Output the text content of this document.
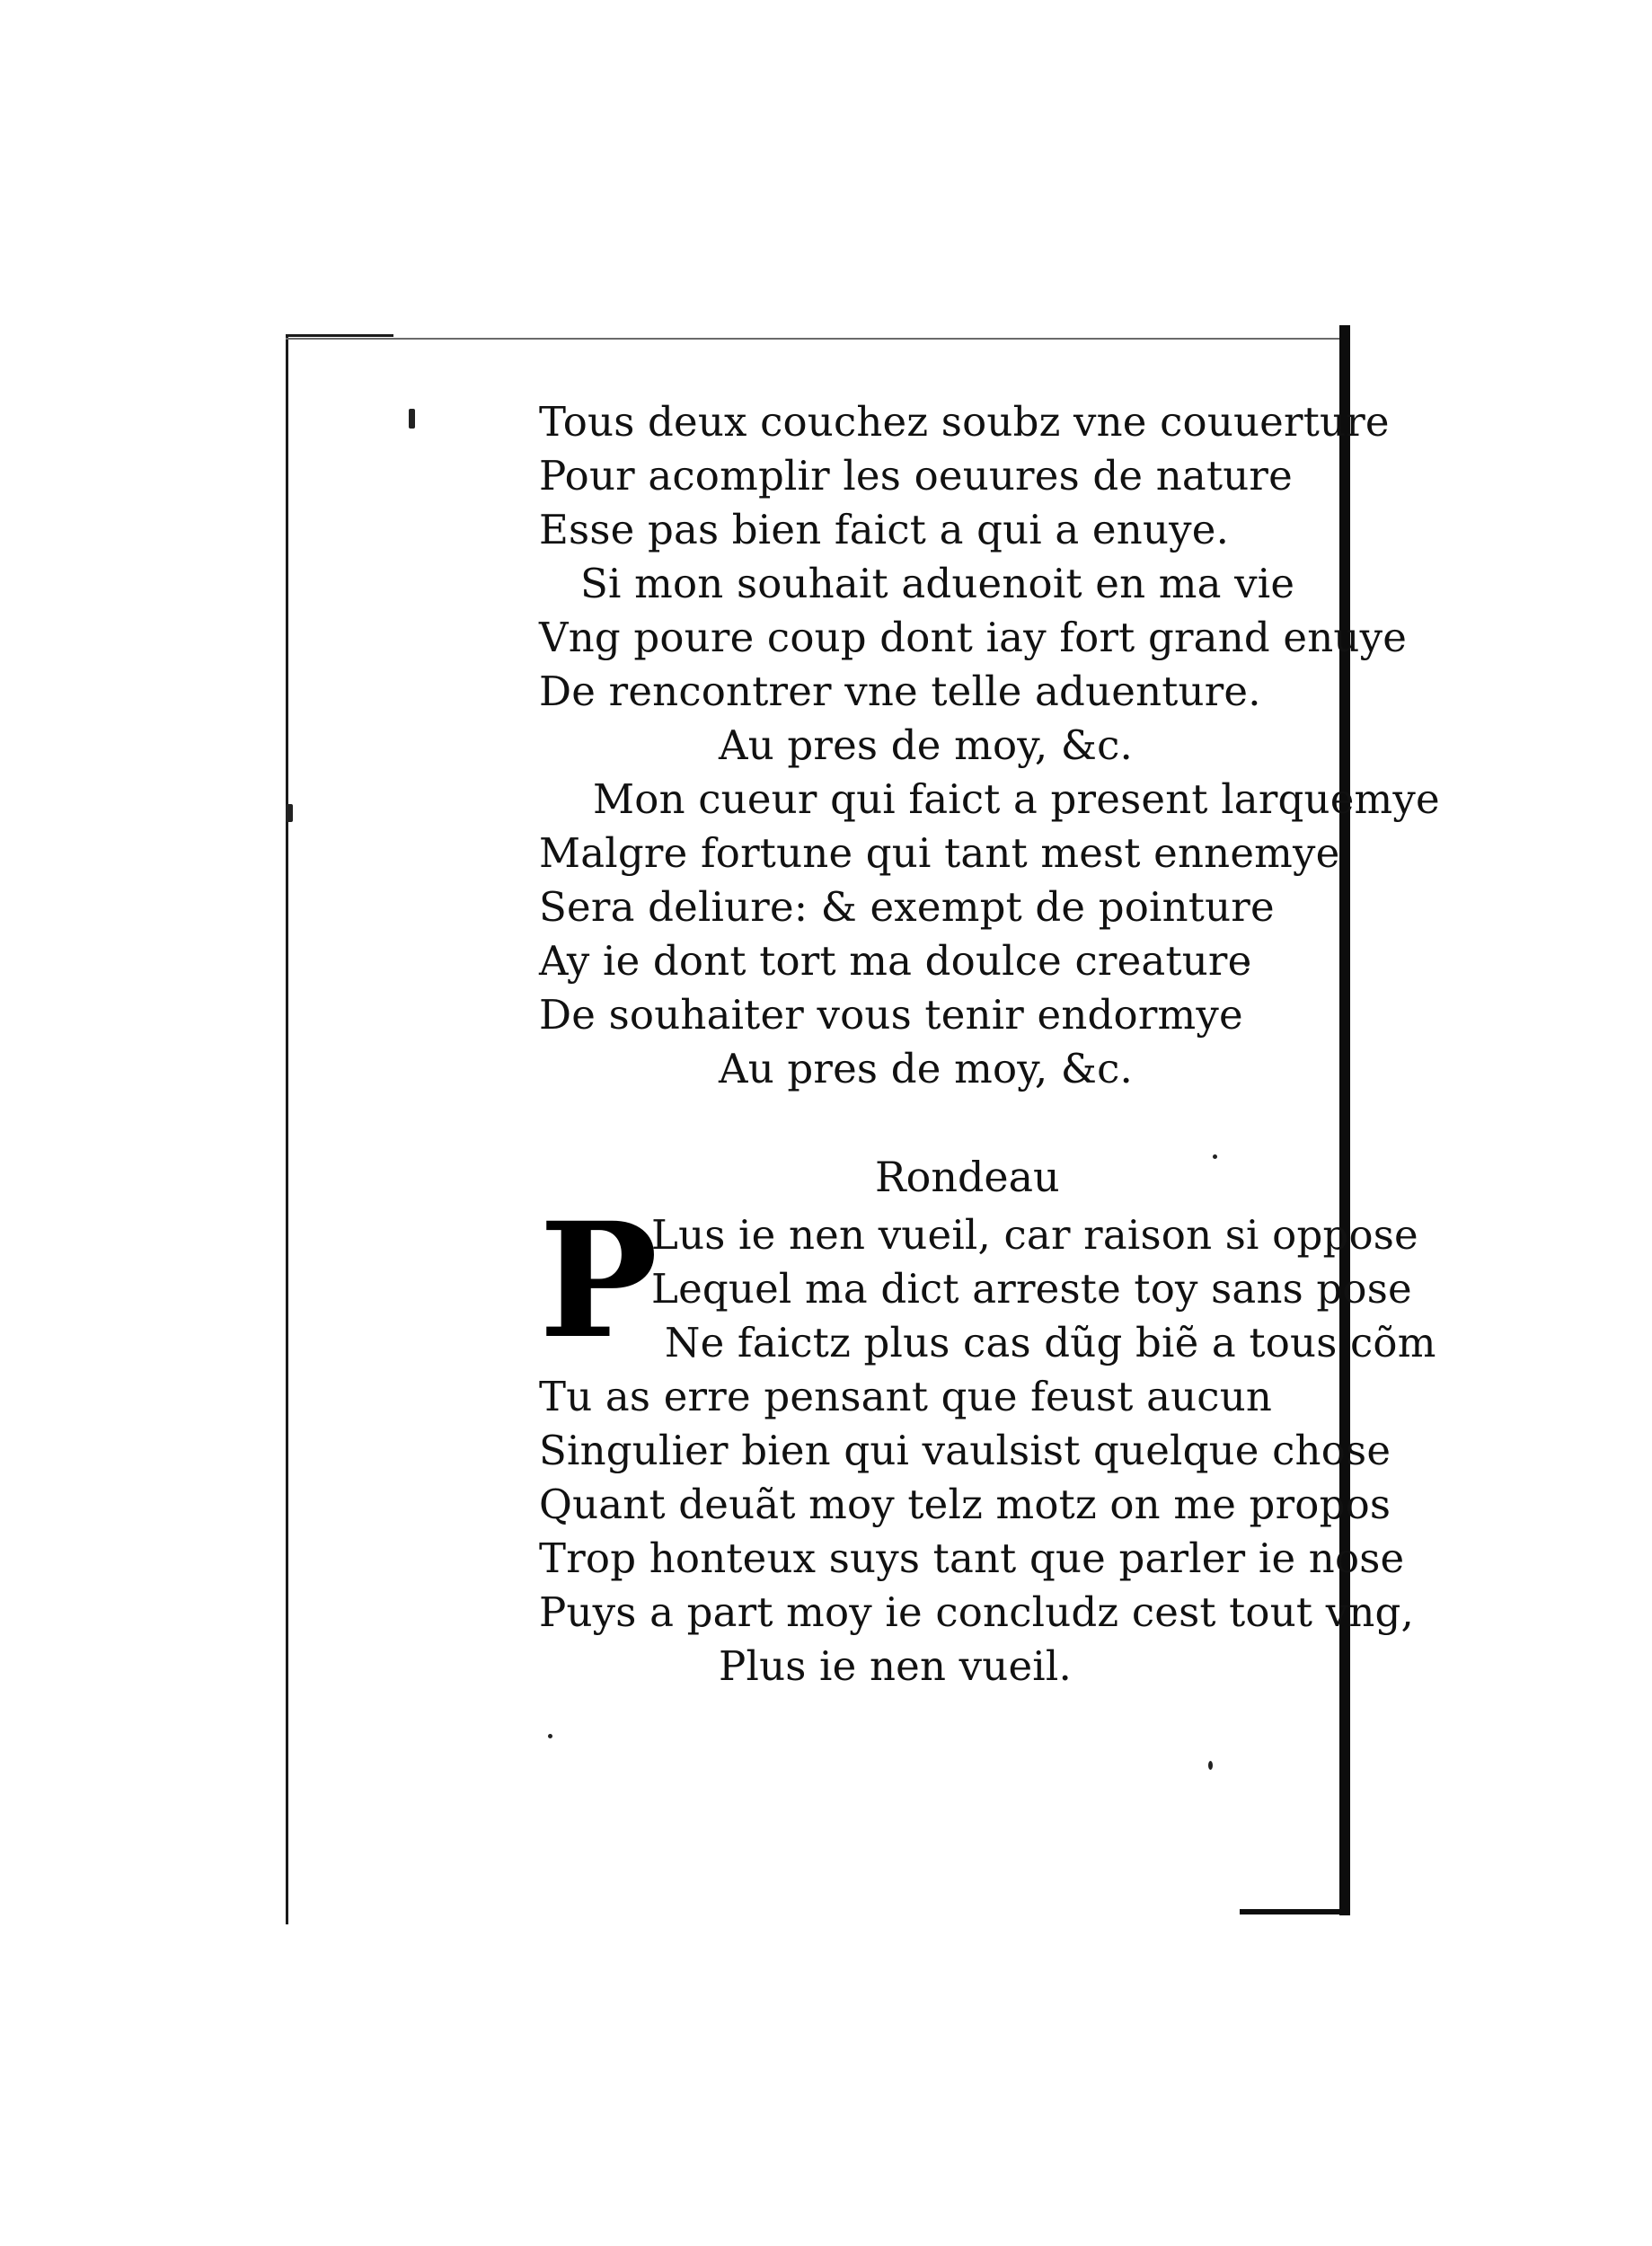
Tous deux couchez soubz vne couuerture
Pour acomplir les oeuures de nature
Esse pas bien faict a qui a enuye.
Si mon souhait aduenoit en ma vie
Vng poure coup dont iay fort grand enuye
De rencontrer vne telle aduenture.
Au pres de moy, &c.
Mon cueur qui faict a present larquemye
Malgre fortune qui tant mest ennemye
Sera deliure: & exempt de pointure
Ay ie dont tort ma doulce creature
De souhaiter vous tenir endormye
Au pres de moy, &c.
Rondeau
P
Lus ie nen vueil, car raison si oppose
Lequel ma dict arreste toy sans pose
Ne faictz plus cas dũg biẽ a tous cõm
Tu as erre pensant que feust aucun
Singulier bien qui vaulsist quelque chose
Quant deuãt moy telz motz on me propos
Trop honteux suys tant que parler ie nose
Puys a part moy ie concludz cest tout vng,
Plus ie nen vueil.
